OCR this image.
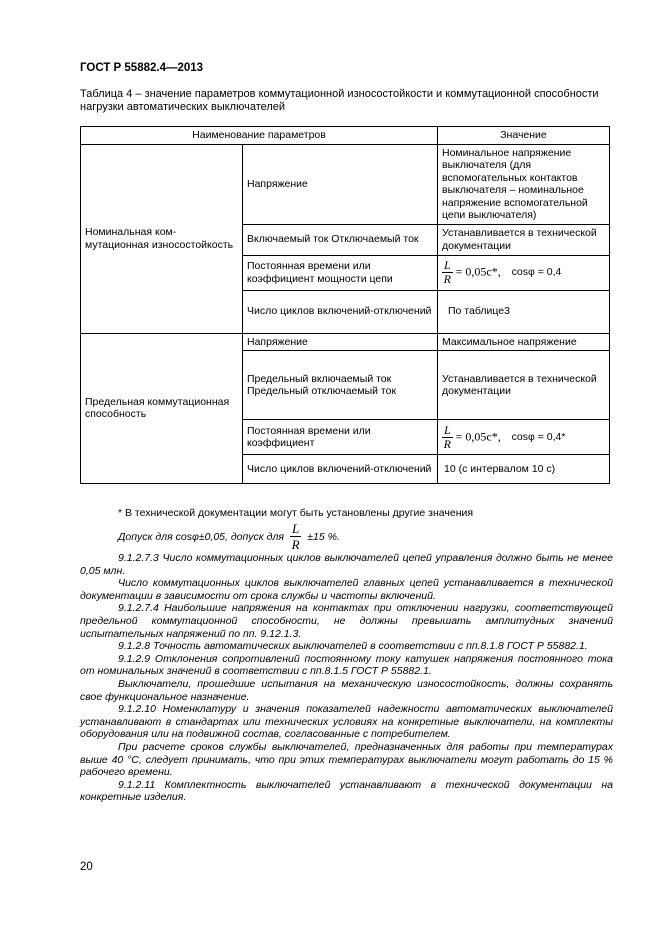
ГОСТ Р 55882.4—2013
Таблица 4 – значение параметров коммутационной износостойкости и коммутационной способности нагрузки автоматических выключателей
Наименование параметров		Значение
Номинальная ком-мутационная износостойкость	Напряжение	Номинальное напряжение выключателя (для вспомогательных контактов выключателя – номинальное напряжение вспомогательной цепи выключателя)
	Включаемый ток Отключаемый ток	Устанавливается в технической документации
	Постоянная времени или коэффициент мощности цепи	$\frac{L}{R} = 0,05с*$, cosφ = 0,4
	Число циклов включений-отключений	По таблице3
Предельная коммутационная способность	Напряжение	Максимальное напряжение
	Предельный включаемый ток Предельный отключаемый ток	Устанавливается в технической документации
	Постоянная времени или коэффициент	$\frac{L}{R} = 0,05с*$, cosφ = 0,4*
	Число циклов включений-отключений	10 (с интервалом 10 с)
* В технической документации могут быть установлены другие значения
Допуск для cosφ±0,05, допуск для $\frac{L}{R} \pm 15$ %.

9.1.2.7.3 Число коммутационных циклов выключателей цепей управления должно быть не менее 0,05 млн.

Число коммутационных циклов выключателей главных цепей устанавливается в технической документации в зависимости от срока службы и частоты включений.

9.1.2.7.4 Наибольшие напряжения на контактах при отключении нагрузки, соответствующей предельной коммутационной способности, не должны превышать амплитудных значений испытательных напряжений по пп. 9.12.1.3.

9.1.2.8 Точность автоматических выключателей в соответствии с пп.8.1.8 ГОСТ Р 55882.1.

9.1.2.9 Отклонения сопротивлений постоянному току катушек напряжения постоянного тока от номинальных значений в соответствии с пп.8.1.5 ГОСТ Р 55882.1.

Выключатели, прошедшие испытания на механическую износостойкость, должны сохранять свое функциональное назначение.

9.1.2.10 Номенклатуру и значения показателей надежности автоматических выключателей устанавливают в стандартах или технических условиях на конкретные выключатели, на комплекты оборудования или на подвижной состав, согласованные с потребителем.

При расчете сроков службы выключателей, предназначенных для работы при температурах выше 40 °С, следует принимать, что при этих температурах выключатели могут работать до 15 % рабочего времени.

9.1.2.11 Комплектность выключателей устанавливают в технической документации на конкретные изделия.

20
